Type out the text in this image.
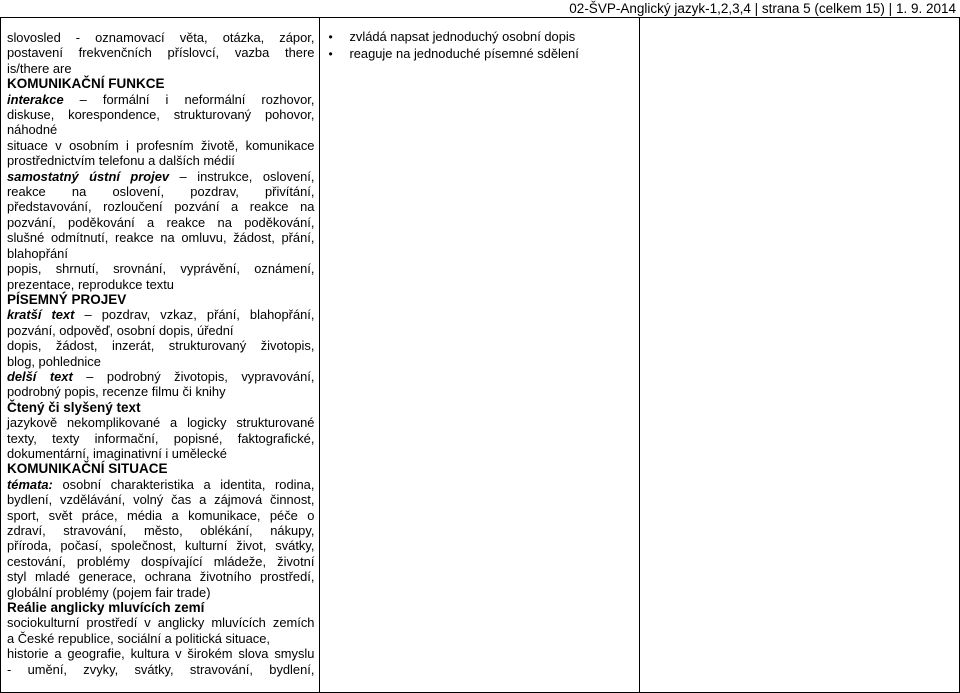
02-ŠVP-Anglický jazyk-1,2,3,4 | strana 5 (celkem 15) | 1. 9. 2014

slovosled - oznamovací věta, otázka, zápor,

postavení frekvenčních příslovcí, vazba there

is/there are

KOMUNIKAČNÍ FUNKCE

interakce – formální i neformální rozhovor,

diskuse, korespondence, strukturovaný pohovor,

náhodné

situace v osobním i profesním životě, komunikace

prostřednictvím telefonu a dalších médií

samostatný ústní projev – instrukce, oslovení,

reakce na oslovení, pozdrav, přivítání,

představování, rozloučení pozvání a reakce na

pozvání, poděkování a reakce na poděkování,

slušné odmítnutí, reakce na omluvu, žádost, přání,

blahopřání

popis, shrnutí, srovnání, vyprávění, oznámení,

prezentace, reprodukce textu

PÍSEMNÝ PROJEV

kratší text – pozdrav, vzkaz, přání, blahopřání,

pozvání, odpověď, osobní dopis, úřední

dopis, žádost, inzerát, strukturovaný životopis,

blog, pohlednice

delší text – podrobný životopis, vypravování,

podrobný popis, recenze filmu či knihy

Čtený či slyšený text

jazykově nekomplikované a logicky strukturované

texty, texty informační, popisné, faktografické,

dokumentární, imaginativní i umělecké

KOMUNIKAČNÍ SITUACE

témata: osobní charakteristika a identita, rodina,

bydlení, vzdělávání, volný čas a zájmová činnost,

sport, svět práce, média a komunikace, péče o

zdraví, stravování, město, oblékání, nákupy,

příroda, počasí, společnost, kulturní život, svátky,

cestování, problémy dospívající mládeže, životní

styl mladé generace, ochrana životního prostředí,

globální problémy (pojem fair trade)

Reálie anglicky mluvících zemí

sociokulturní prostředí v anglicky mluvících zemích

a České republice, sociální a politická situace,

historie a geografie, kultura v širokém slova smyslu

- umění, zvyky, svátky, stravování, bydlení,

•	zvládá napsat jednoduchý osobní dopis
•	reaguje na jednoduché písemné sdělení
